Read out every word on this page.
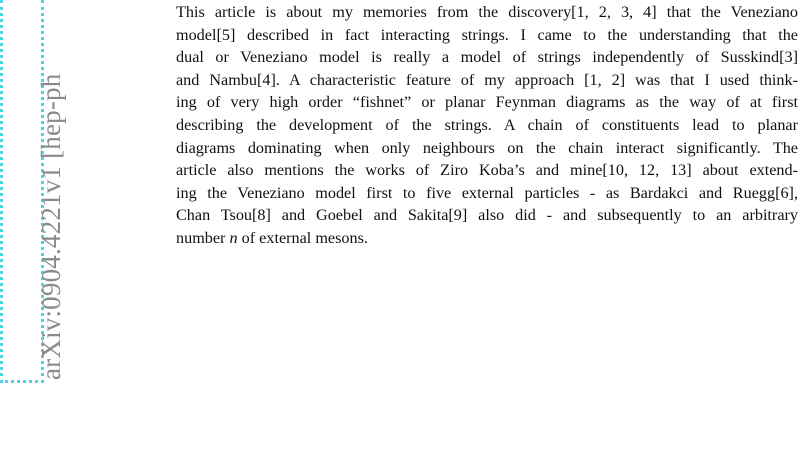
arXiv:0904.4221v1 [hep-ph
This article is about my memories from the discovery[1, 2, 3, 4] that the Veneziano
model[5] described in fact interacting strings. I came to the understanding that the
dual or Veneziano model is really a model of strings independently of Susskind[3]
and Nambu[4]. A characteristic feature of my approach [1, 2] was that I used think-
ing of very high order “fishnet” or planar Feynman diagrams as the way of at first
describing the development of the strings. A chain of constituents lead to planar
diagrams dominating when only neighbours on the chain interact significantly. The
article also mentions the works of Ziro Koba’s and mine[10, 12, 13] about extend-
ing the Veneziano model first to five external particles - as Bardakci and Ruegg[6],
Chan Tsou[8] and Goebel and Sakita[9] also did - and subsequently to an arbitrary
number n of external mesons.
